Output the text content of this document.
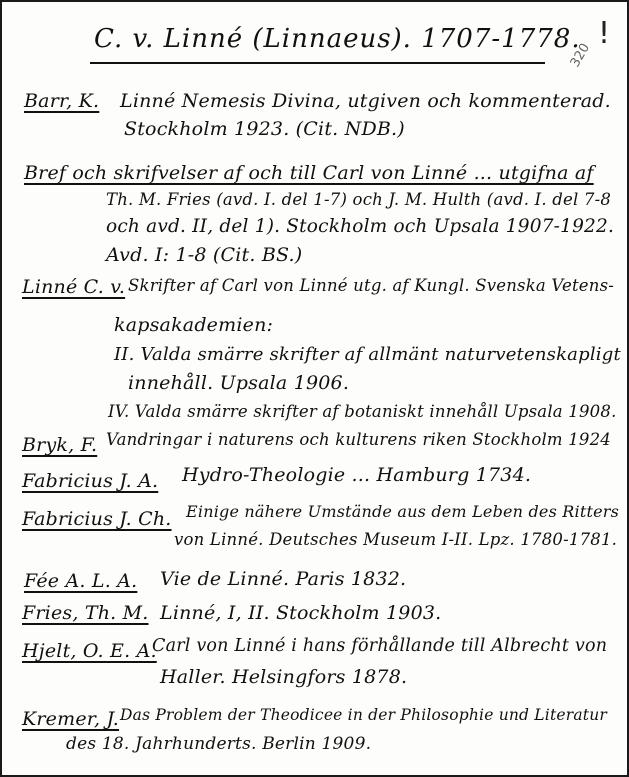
C. v. Linné (Linnaeus). 1707-1778. !
320
Barr, K. Linné Nemesis Divina, utgiven och kommenterad.
Stockholm 1923. (Cit. NDB.)
Bref och skrifvelser af och till Carl von Linné ... utgifna af
Th. M. Fries (avd. I. del 1-7) och J. M. Hulth (avd. I. del 7-8
och avd. II, del 1). Stockholm och Upsala 1907-1922.
Avd. I: 1-8 (Cit. BS.)
Linné C. v. Skrifter af Carl von Linné utg. af Kungl. Svenska Vetens-
kapsakademien:
II. Valda smärre skrifter af allmänt naturvetenskapligt
innehåll. Upsala 1906.
IV. Valda smärre skrifter af botaniskt innehåll Upsala 1908.
Bryk, F. Vandringar i naturens och kulturens riken Stockholm 1924
Fabricius J. A. Hydro-Theologie ... Hamburg 1734.
Fabricius J. Ch. Einige nähere Umstände aus dem Leben des Ritters
von Linné. Deutsches Museum I-II. Lpz. 1780-1781.
Fée A. L. A. Vie de Linné. Paris 1832.
Fries, Th. M. Linné, I, II. Stockholm 1903.
Hjelt, O. E. A.
Carl von Linné i hans förhållande till Albrecht von
Haller. Helsingfors 1878.
Kremer, J. Das Problem der Theodicee in der Philosophie und Literatur
des 18. Jahrhunderts. Berlin 1909.
